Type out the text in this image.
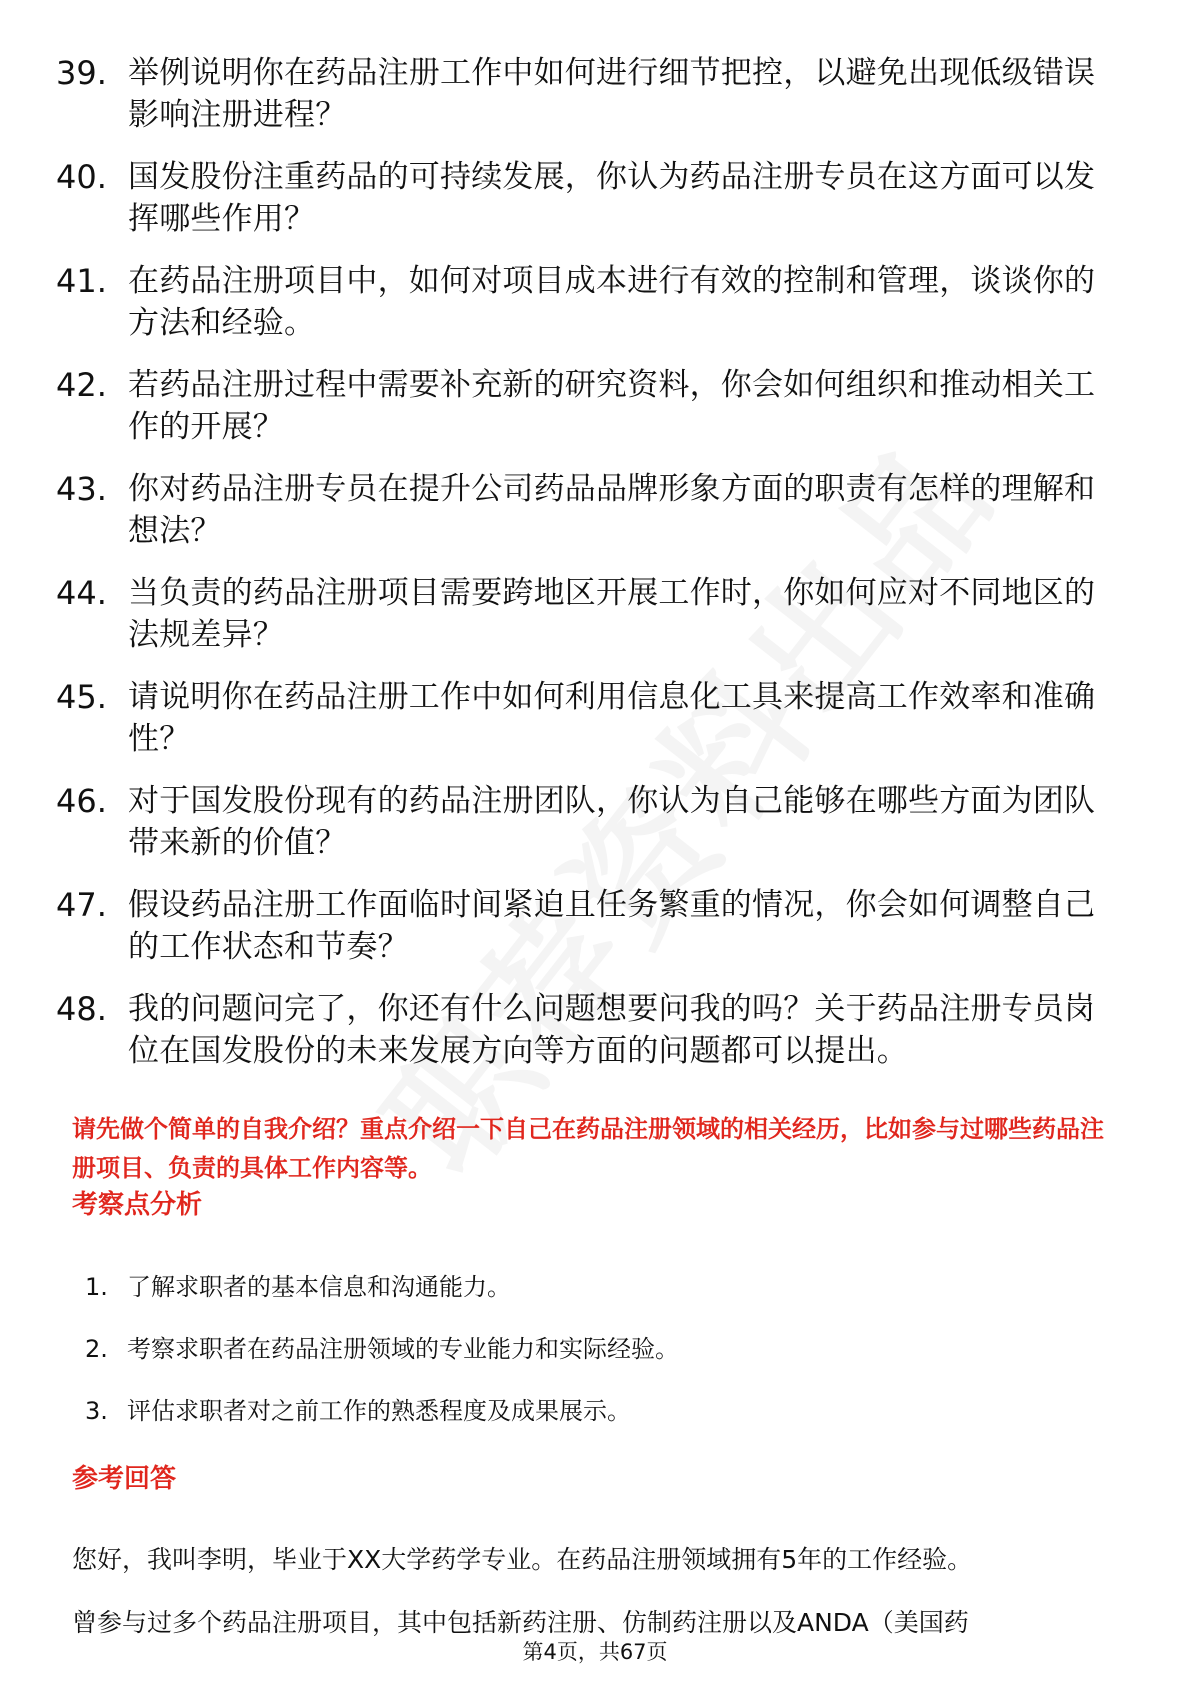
39. 举例说明你在药品注册工作中如何进行细节把控，以避免出现低级错误影响注册进程？
40. 国发股份注重药品的可持续发展，你认为药品注册专员在这方面可以发挥哪些作用？
41. 在药品注册项目中，如何对项目成本进行有效的控制和管理，谈谈你的方法和经验。
42. 若药品注册过程中需要补充新的研究资料，你会如何组织和推动相关工作的开展？
43. 你对药品注册专员在提升公司药品品牌形象方面的职责有怎样的理解和想法？
44. 当负责的药品注册项目需要跨地区开展工作时，你如何应对不同地区的法规差异？
45. 请说明你在药品注册工作中如何利用信息化工具来提高工作效率和准确性？
46. 对于国发股份现有的药品注册团队，你认为自己能够在哪些方面为团队带来新的价值？
47. 假设药品注册工作面临时间紧迫且任务繁重的情况，你会如何调整自己的工作状态和节奏？
48. 我的问题问完了，你还有什么问题想要问我的吗？关于药品注册专员岗位在国发股份的未来发展方向等方面的问题都可以提出。
请先做个简单的自我介绍？重点介绍一下自己在药品注册领域的相关经历，比如参与过哪些药品注册项目、负责的具体工作内容等。
考察点分析
1. 了解求职者的基本信息和沟通能力。
2. 考察求职者在药品注册领域的专业能力和实际经验。
3. 评估求职者对之前工作的熟悉程度及成果展示。
参考回答
您好，我叫李明，毕业于XX大学药学专业。在药品注册领域拥有5年的工作经验。
曾参与过多个药品注册项目，其中包括新药注册、仿制药注册以及ANDA（美国药
第4页，共67页
